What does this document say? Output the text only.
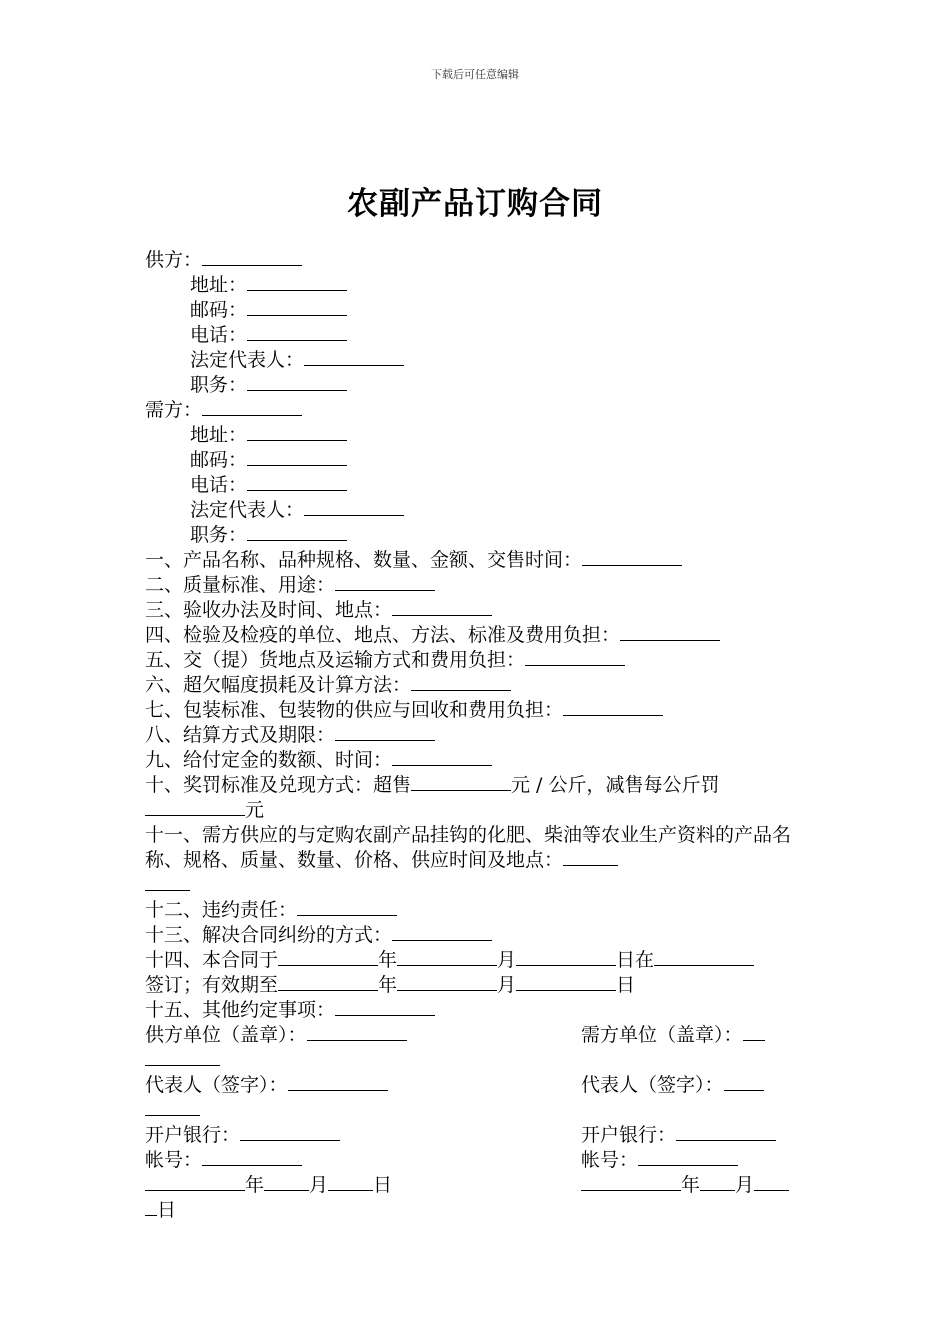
下载后可任意编辑
农副产品订购合同
供方：
地址：
邮码：
电话：
法定代表人：
职务：
需方：
地址：
邮码：
电话：
法定代表人：
职务：
一、产品名称、品种规格、数量、金额、交售时间：
二、质量标准、用途：
三、验收办法及时间、地点：
四、检验及检疫的单位、地点、方法、标准及费用负担：
五、交（提）货地点及运输方式和费用负担：
六、超欠幅度损耗及计算方法：
七、包装标准、包装物的供应与回收和费用负担：
八、结算方式及期限：
九、给付定金的数额、时间：
十、奖罚标准及兑现方式：超售	元 / 公斤，减售每公斤罚
元
十一、需方供应的与定购农副产品挂钩的化肥、柴油等农业生产资料的产品名称、规格、质量、数量、价格、供应时间及地点：
十二、违约责任：
十三、解决合同纠纷的方式：
十四、本合同于	年	月	日在
签订；有效期至	年	月	日
十五、其他约定事项：
供方单位（盖章）：	需方单位（盖章）：
代表人（签字）：	代表人（签字）：
开户银行：	开户银行：
帐号：	帐号：
年 月 日	年 月
日
